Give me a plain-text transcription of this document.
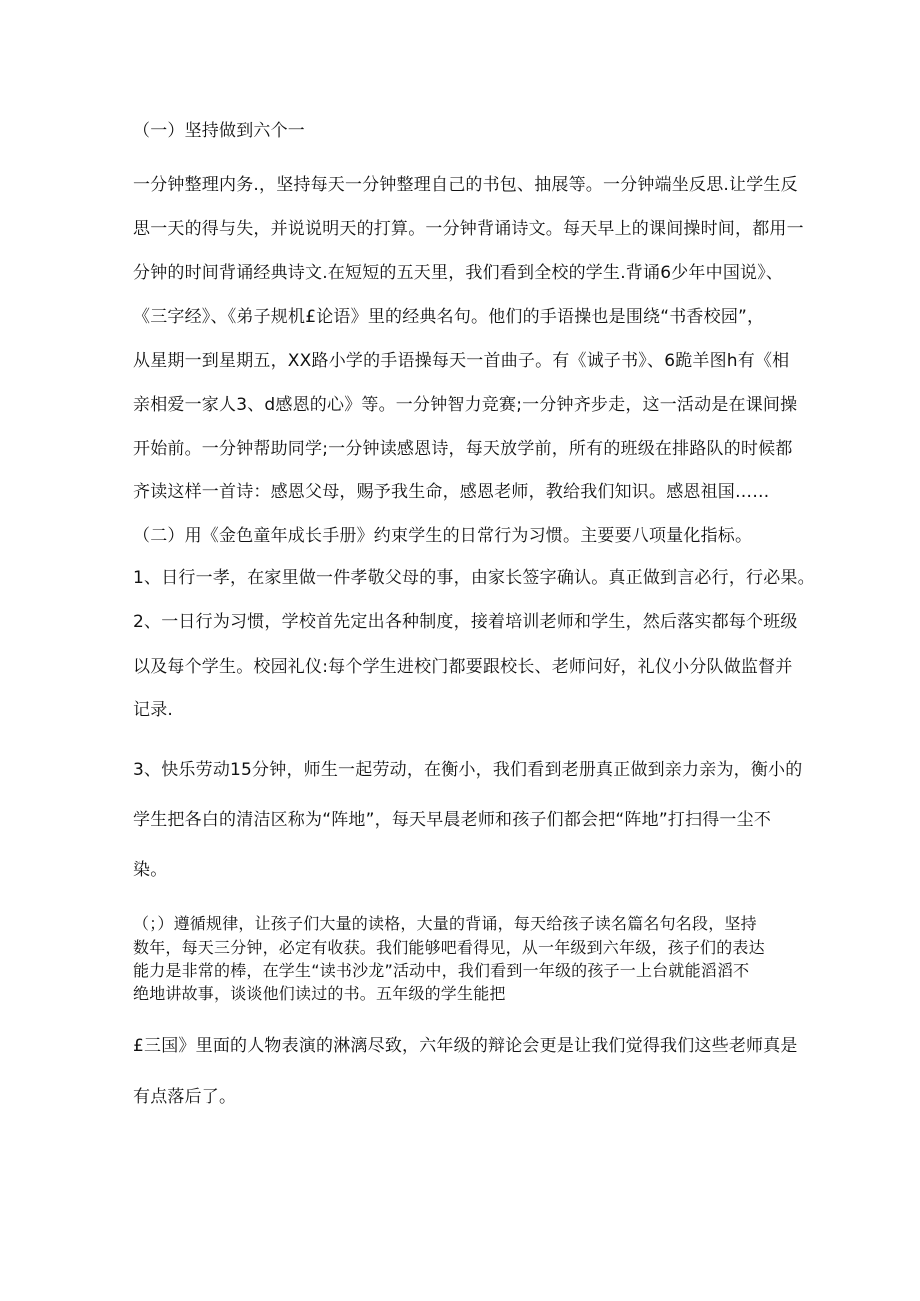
（一）坚持做到六个一
一分钟整理内务.，坚持每天一分钟整理自己的书包、抽展等。一分钟端坐反思.让学生反
思一天的得与失，并说说明天的打算。一分钟背诵诗文。每天早上的课间操时间，都用一
分钟的时间背诵经典诗文.在短短的五天里，我们看到全校的学生.背诵6少年中国说》、
《三字经》、《弟子规机£论语》里的经典名句。他们的手语操也是围绕“书香校园”，
从星期一到星期五，XX路小学的手语操每天一首曲子。有《诚子书》、6跪羊图h有《相
亲相爱一家人3、d感恩的心》等。一分钟智力竞赛;一分钟齐步走，这一活动是在课间操
开始前。一分钟帮助同学;一分钟读感恩诗，每天放学前，所有的班级在排路队的时候都
齐读这样一首诗：感恩父母，赐予我生命，感恩老师，教给我们知识。感恩祖国……
（二）用《金色童年成长手册》约束学生的日常行为习惯。主要要八项量化指标。
1、日行一孝，在家里做一件孝敬父母的事，由家长签字确认。真正做到言必行，行必果。
2、一日行为习惯，学校首先定出各种制度，接着培训老师和学生，然后落实都每个班级
以及每个学生。校园礼仪:每个学生进校门都要跟校长、老师问好，礼仪小分队做监督并
记录.
3、快乐劳动15分钟，师生一起劳动，在衡小，我们看到老册真正做到亲力亲为，衡小的
学生把各白的清洁区称为“阵地”，每天早晨老师和孩子们都会把“阵地”打扫得一尘不
染。
（；）遵循规律，让孩子们大量的读格，大量的背诵，每天给孩子读名篇名句名段，坚持
数年，每天三分钟，必定有收获。我们能够吧看得见，从一年级到六年级，孩子们的表达
能力是非常的棒，在学生“读书沙龙”活动中，我们看到一年级的孩子一上台就能滔滔不
绝地讲故事，谈谈他们读过的书。五年级的学生能把
£三国》里面的人物表演的淋漓尽致，六年级的辩论会更是让我们觉得我们这些老师真是
有点落后了。
